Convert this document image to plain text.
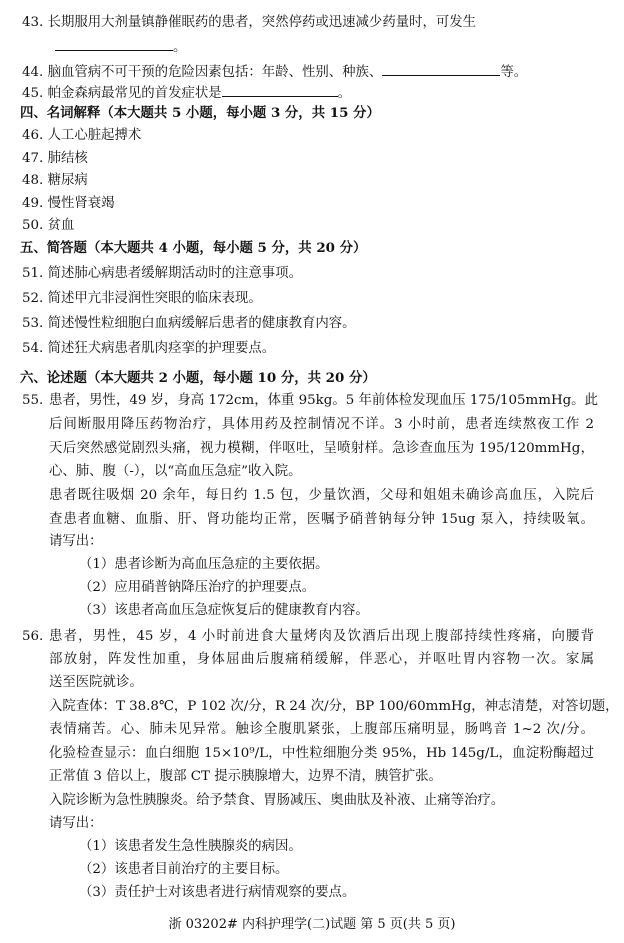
43. 长期服用大剂量镇静催眠药的患者，突然停药或迅速减少药量时，可发生
。
44. 脑血管病不可干预的危险因素包括：年龄、性别、种族、	等。
45. 帕金森病最常见的首发症状是	。
四、名词解释（本大题共 5 小题，每小题 3 分，共 15 分）
46. 人工心脏起搏术
47. 肺结核
48. 糖尿病
49. 慢性肾衰竭
50. 贫血
五、简答题（本大题共 4 小题，每小题 5 分，共 20 分）
51. 简述肺心病患者缓解期活动时的注意事项。
52. 简述甲亢非浸润性突眼的临床表现。
53. 简述慢性粒细胞白血病缓解后患者的健康教育内容。
54. 简述狂犬病患者肌肉痉挛的护理要点。
六、论述题（本大题共 2 小题，每小题 10 分，共 20 分）
55. 患者，男性，49 岁，身高 172cm，体重 95kg。5 年前体检发现血压 175/105mmHg。此
后间断服用降压药物治疗，具体用药及控制情况不详。3 小时前，患者连续熬夜工作 2
天后突然感觉剧烈头痛，视力模糊，伴呕吐，呈喷射样。急诊查血压为 195/120mmHg，
心、肺、腹（-），以“高血压急症”收入院。
患者既往吸烟 20 余年，每日约 1.5 包，少量饮酒，父母和姐姐未确诊高血压，入院后
查患者血糖、血脂、肝、肾功能均正常，医嘱予硝普钠每分钟 15ug 泵入，持续吸氧。
请写出：
（1）患者诊断为高血压急症的主要依据。
（2）应用硝普钠降压治疗的护理要点。
（3）该患者高血压急症恢复后的健康教育内容。
56. 患者，男性，45 岁，4 小时前进食大量烤肉及饮酒后出现上腹部持续性疼痛，向腰背
部放射，阵发性加重，身体屈曲后腹痛稍缓解，伴恶心，并呕吐胃内容物一次。家属
送至医院就诊。
入院查体：T 38.8℃，P 102 次/分，R 24 次/分，BP 100/60mmHg，神志清楚，对答切题，
表情痛苦。心、肺未见异常。触诊全腹肌紧张，上腹部压痛明显，肠鸣音 1~2 次/分。
化验检查显示：血白细胞 15×10⁹/L，中性粒细胞分类 95%，Hb 145g/L，血淀粉酶超过
正常值 3 倍以上，腹部 CT 提示胰腺增大，边界不清，胰管扩张。
入院诊断为急性胰腺炎。给予禁食、胃肠减压、奥曲肽及补液、止痛等治疗。
请写出：
（1）该患者发生急性胰腺炎的病因。
（2）该患者目前治疗的主要目标。
（3）责任护士对该患者进行病情观察的要点。
浙 03202# 内科护理学(二)试题 第 5 页(共 5 页)
